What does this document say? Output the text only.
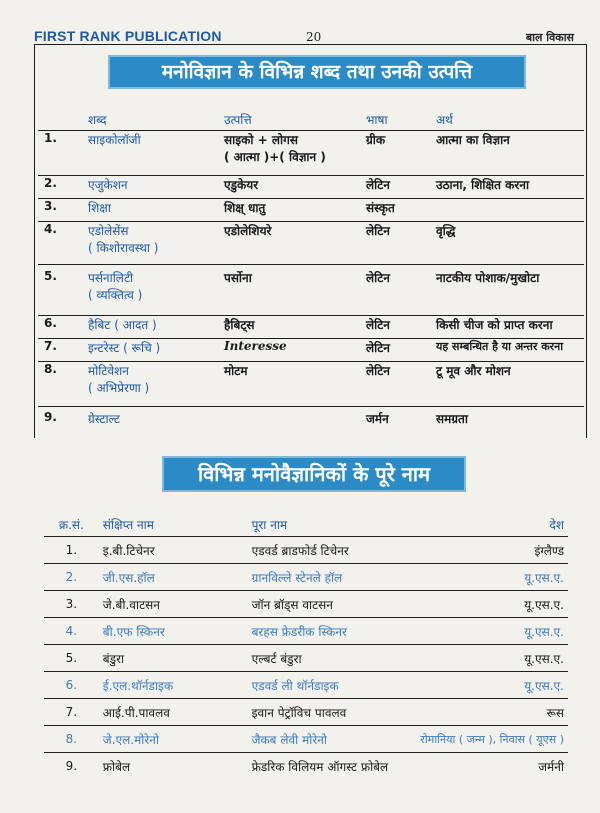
FIRST RANK PUBLICATION	20	बाल विकास
मनोविज्ञान के विभिन्न शब्द तथा उनकी उत्पत्ति
	शब्द	उत्पत्ति	भाषा	अर्थ
1.	साइकोलॉजी	साइको + लोगस
( आत्मा )+( विज्ञान )	ग्रीक	आत्मा का विज्ञान
2.	एजुकेशन	एडुकेयर	लेटिन	उठाना, शिक्षित करना
3.	शिक्षा	शिक्ष् धातु	संस्कृत	
4.	एडोलेसेंस
( किशोरावस्था )	एडोलेशियरे	लेटिन	वृद्धि
5.	पर्सनालिटी
( व्यक्तित्व )	पर्सोना	लेटिन	नाटकीय पोशाक/मुखोटा
6.	हैबिट ( आदत )	हैबिट्स	लेटिन	किसी चीज को प्राप्त करना
7.	इन्टरेस्ट ( रूचि )	Interesse	लेटिन	यह सम्बन्धित है या अन्तर करना
8.	मोटिवेशन
( अभिप्रेरणा )	मोटम	लेटिन	टू मूव और मोशन
9.	ग्रेस्टाल्ट		जर्मन	समग्रता
विभिन्न मनोवैज्ञानिकों के पूरे नाम
क्र.सं.	संक्षिप्त नाम	पूरा नाम	देश
1.	इ.बी.टिचेनर	एडवर्ड ब्राडफोर्ड टिचेनर	इंग्लैण्ड
2.	जी.एस.हॉल	ग्रानविल्ले स्टेनले हॉल	यू.एस.ए.
3.	जे.बी.वाटसन	जॉन ब्रॉड्स वाटसन	यू.एस.ए.
4.	बी.एफ स्किनर	बरहस फ्रेडरीक स्किनर	यू.एस.ए.
5.	बंडुरा	एल्बर्ट बंडुरा	यू.एस.ए.
6.	ई.एल.थॉर्नडाइक	एडवर्ड ली थॉर्नडाइक	यू.एस.ए.
7.	आई.पी.पावलव	इवान पेट्रॉविच पावलव	रूस
8.	जे.एल.मोरेनो	जैकब लेवी मोरेनो	रोमानिया ( जन्म ), निवास ( यूएस )
9.	फ्रोबेल	फ्रेडरिक विलियम ऑगस्ट फ्रोबेल	जर्मनी
